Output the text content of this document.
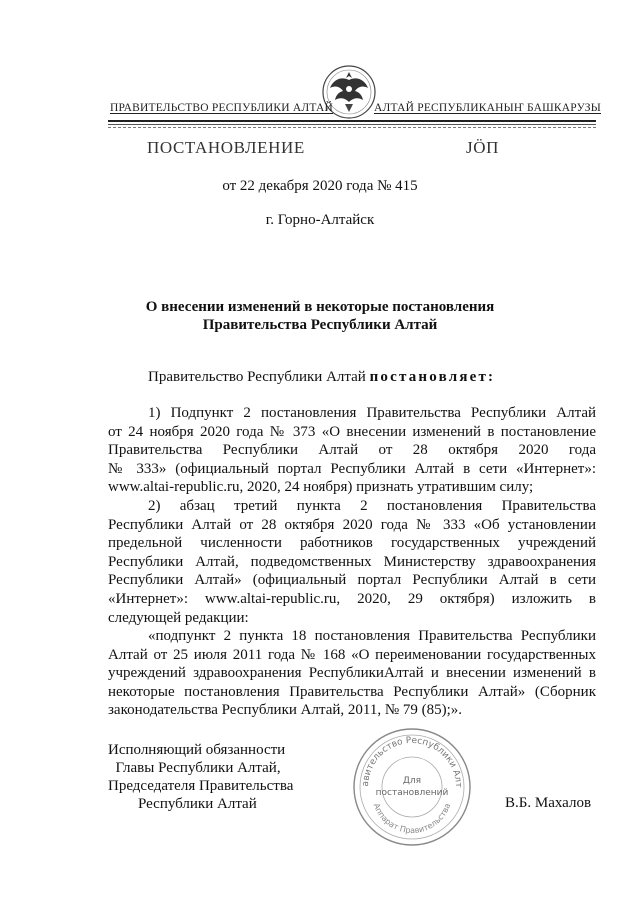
ПРАВИТЕЛЬСТВО РЕСПУБЛИКИ АЛТАЙ	АЛТАЙ РЕСПУБЛИКАНЫҤ БАШКАРУЗЫ
ПОСТАНОВЛЕНИЕ	ЈÖП
от 22 декабря 2020 года № 415
г. Горно-Алтайск
О внесении изменений в некоторые постановления
Правительства Республики Алтай
Правительство Республики Алтай постановляет:
1) Подпункт 2 постановления Правительства Республики Алтай
от 24 ноября 2020 года № 373 «О внесении изменений в постановление
Правительства Республики Алтай от 28 октября 2020 года
№ 333» (официальный портал Республики Алтай в сети «Интернет»:
www.altai-republic.ru, 2020, 24 ноября) признать утратившим силу;
2) абзац третий пункта 2 постановления Правительства
Республики Алтай от 28 октября 2020 года № 333 «Об установлении
предельной численности работников государственных учреждений
Республики Алтай, подведомственных Министерству здравоохранения
Республики Алтай» (официальный портал Республики Алтай в сети
«Интернет»: www.altai-republic.ru, 2020, 29 октября) изложить в
следующей редакции:
«подпункт 2 пункта 18 постановления Правительства Республики
Алтай от 25 июля 2011 года № 168 «О переименовании государственных
учреждений здравоохранения РеспубликиАлтай и внесении изменений в
некоторые постановления Правительства Республики Алтай» (Сборник
законодательства Республики Алтай, 2011, № 79 (85);».
Исполняющий обязанности
Главы Республики Алтай,
Председателя Правительства
Республики Алтай
авительство Республики Алт
Аппарат Правительства
Для
постановлений
В.Б. Махалов
